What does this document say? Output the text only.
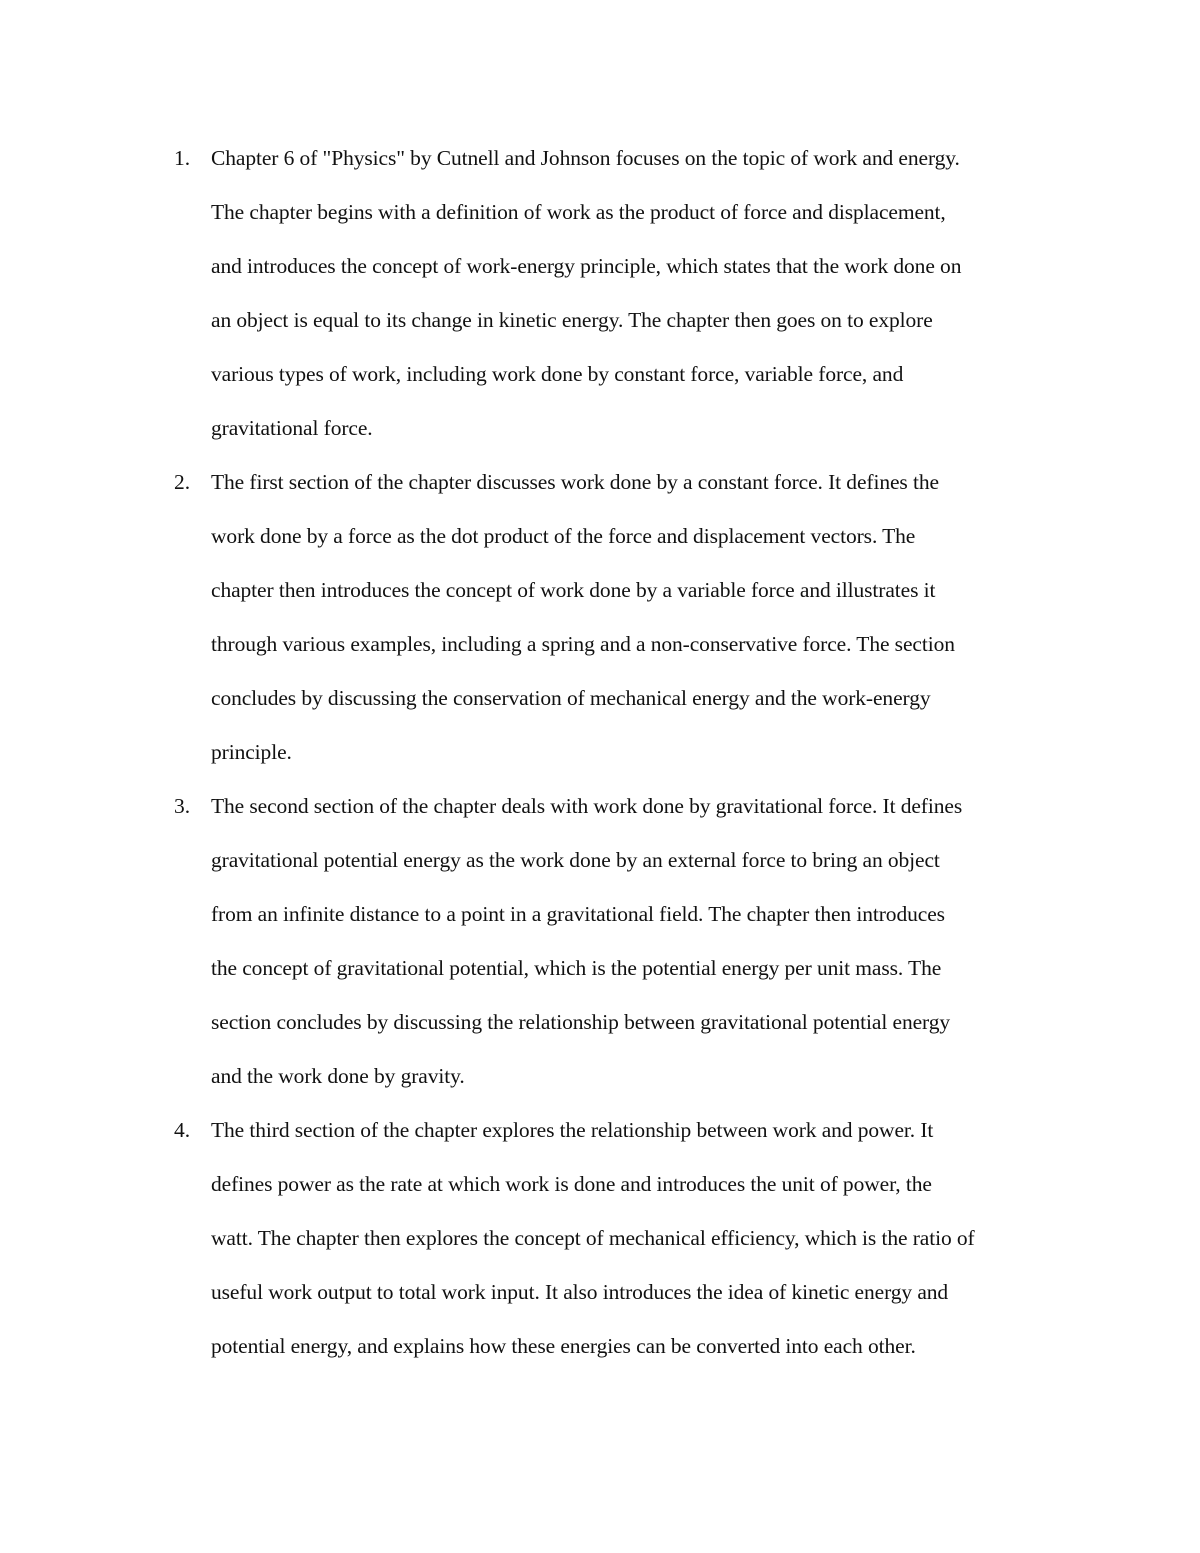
1. Chapter 6 of "Physics" by Cutnell and Johnson focuses on the topic of work and energy.
The chapter begins with a definition of work as the product of force and displacement,
and introduces the concept of work-energy principle, which states that the work done on
an object is equal to its change in kinetic energy. The chapter then goes on to explore
various types of work, including work done by constant force, variable force, and
gravitational force.
2. The first section of the chapter discusses work done by a constant force. It defines the
work done by a force as the dot product of the force and displacement vectors. The
chapter then introduces the concept of work done by a variable force and illustrates it
through various examples, including a spring and a non-conservative force. The section
concludes by discussing the conservation of mechanical energy and the work-energy
principle.
3. The second section of the chapter deals with work done by gravitational force. It defines
gravitational potential energy as the work done by an external force to bring an object
from an infinite distance to a point in a gravitational field. The chapter then introduces
the concept of gravitational potential, which is the potential energy per unit mass. The
section concludes by discussing the relationship between gravitational potential energy
and the work done by gravity.
4. The third section of the chapter explores the relationship between work and power. It
defines power as the rate at which work is done and introduces the unit of power, the
watt. The chapter then explores the concept of mechanical efficiency, which is the ratio of
useful work output to total work input. It also introduces the idea of kinetic energy and
potential energy, and explains how these energies can be converted into each other.
